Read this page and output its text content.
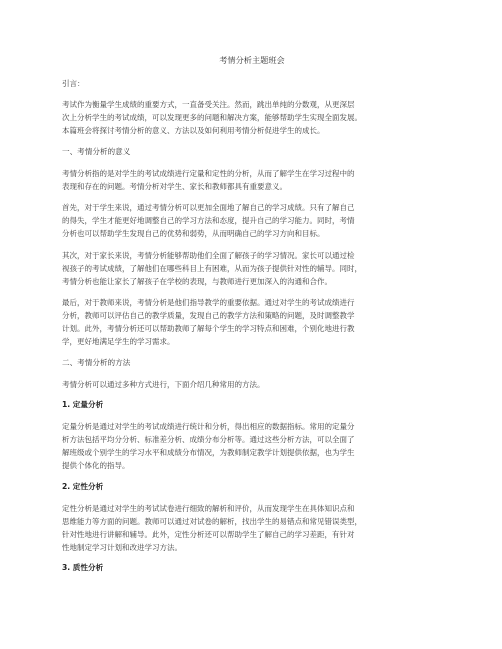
考情分析主题班会
引言：
考试作为衡量学生成绩的重要方式，一直备受关注。然而，跳出单纯的分数观，从更深层
次上分析学生的考试成绩，可以发现更多的问题和解决方案，能够帮助学生实现全面发展。
本篇班会将探讨考情分析的意义、方法以及如何利用考情分析促进学生的成长。
一、考情分析的意义
考情分析指的是对学生的考试成绩进行定量和定性的分析，从而了解学生在学习过程中的
表现和存在的问题。考情分析对学生、家长和教师都具有重要意义。
首先，对于学生来说，通过考情分析可以更加全面地了解自己的学习成绩。只有了解自己
的得失，学生才能更好地调整自己的学习方法和态度，提升自己的学习能力。同时，考情
分析也可以帮助学生发现自己的优势和弱势，从而明确自己的学习方向和目标。
其次，对于家长来说，考情分析能够帮助他们全面了解孩子的学习情况。家长可以通过检
视孩子的考试成绩，了解他们在哪些科目上有困难，从而为孩子提供针对性的辅导。同时，
考情分析也能让家长了解孩子在学校的表现，与教师进行更加深入的沟通和合作。
最后，对于教师来说，考情分析是他们指导教学的重要依据。通过对学生的考试成绩进行
分析，教师可以评估自己的教学质量，发现自己的教学方法和策略的问题，及时调整教学
计划。此外，考情分析还可以帮助教师了解每个学生的学习特点和困难，个别化地进行教
学，更好地满足学生的学习需求。
二、考情分析的方法
考情分析可以通过多种方式进行，下面介绍几种常用的方法。
1. 定量分析
定量分析是通过对学生的考试成绩进行统计和分析，得出相应的数据指标。常用的定量分
析方法包括平均分分析、标准差分析、成绩分布分析等。通过这些分析方法，可以全面了
解班级或个别学生的学习水平和成绩分布情况，为教师制定教学计划提供依据，也为学生
提供个体化的指导。
2. 定性分析
定性分析是通过对学生的考试试卷进行细致的解析和评价，从而发现学生在具体知识点和
思维能力等方面的问题。教师可以通过对试卷的解析，找出学生的易错点和常见错误类型，
针对性地进行讲解和辅导。此外，定性分析还可以帮助学生了解自己的学习差距，有针对
性地制定学习计划和改进学习方法。
3. 质性分析
